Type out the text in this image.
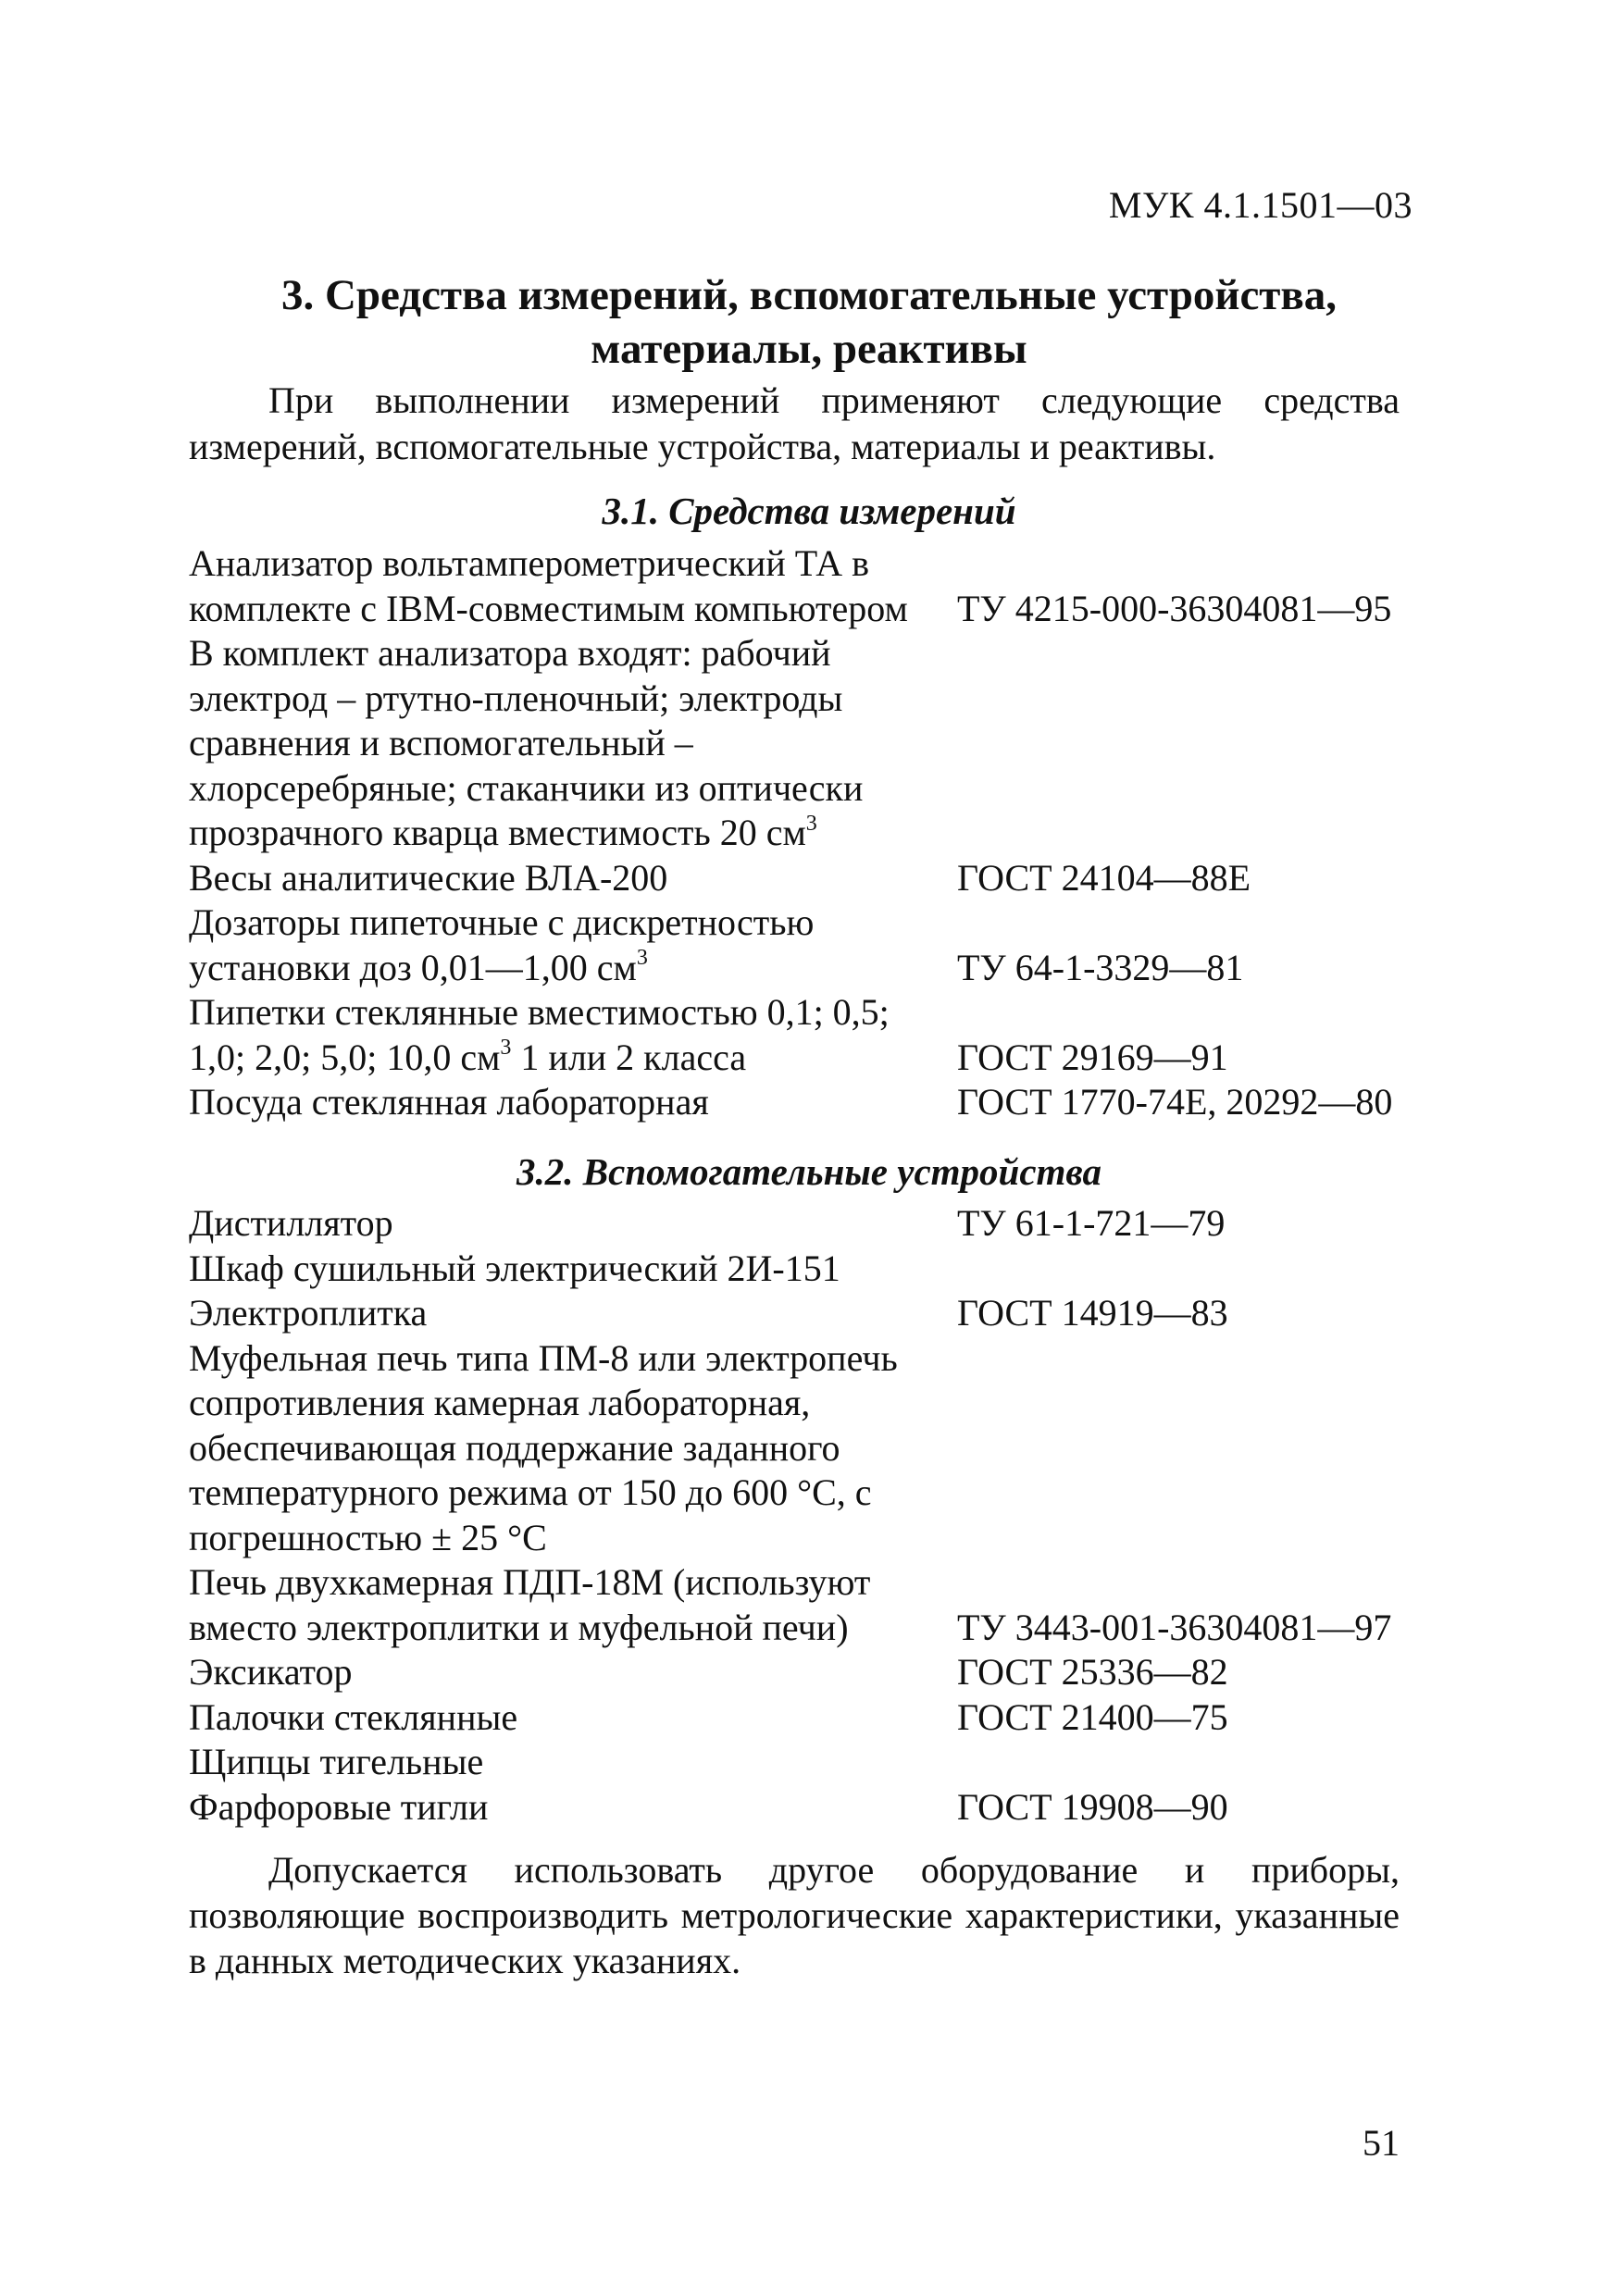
МУК 4.1.1501—03
3. Средства измерений, вспомогательные устройства, материалы, реактивы
При выполнении измерений применяют следующие средства измерений, вспомогательные устройства, материалы и реактивы.
3.1. Средства измерений
Анализатор вольтамперометрический ТА в комплекте с IBM-совместимым компьютером	ТУ 4215-000-36304081—95
В комплект анализатора входят: рабочий электрод – ртутно-пленочный; электроды сравнения и вспомогательный – хлорсеребряные; стаканчики из оптически прозрачного кварца вместимость 20 $см^3$
Весы аналитические ВЛА-200	ГОСТ 24104—88Е
Дозаторы пипеточные с дискретностью установки доз 0,01—1,00 $см^3$	ТУ 64-1-3329—81
Пипетки стеклянные вместимостью 0,1; 0,5; 1,0; 2,0; 5,0; 10,0 $см^3$ 1 или 2 класса	ГОСТ 29169—91
Посуда стеклянная лабораторная	ГОСТ 1770-74Е, 20292—80
3.2. Вспомогательные устройства
Дистиллятор	ТУ 61-1-721—79
Шкаф сушильный электрический 2И-151
Электроплитка	ГОСТ 14919—83
Муфельная печь типа ПМ-8 или электропечь сопротивления камерная лабораторная, обеспечивающая поддержание заданного температурного режима от 150 до 600 °С, с погрешностью ± 25 °С
Печь двухкамерная ПДП-18М (используют вместо электроплитки и муфельной печи)	ТУ 3443-001-36304081—97
Эксикатор	ГОСТ 25336—82
Палочки стеклянные	ГОСТ 21400—75
Щипцы тигельные
Фарфоровые тигли	ГОСТ 19908—90
Допускается использовать другое оборудование и приборы, позволяющие воспроизводить метрологические характеристики, указанные в данных методических указаниях.
51
